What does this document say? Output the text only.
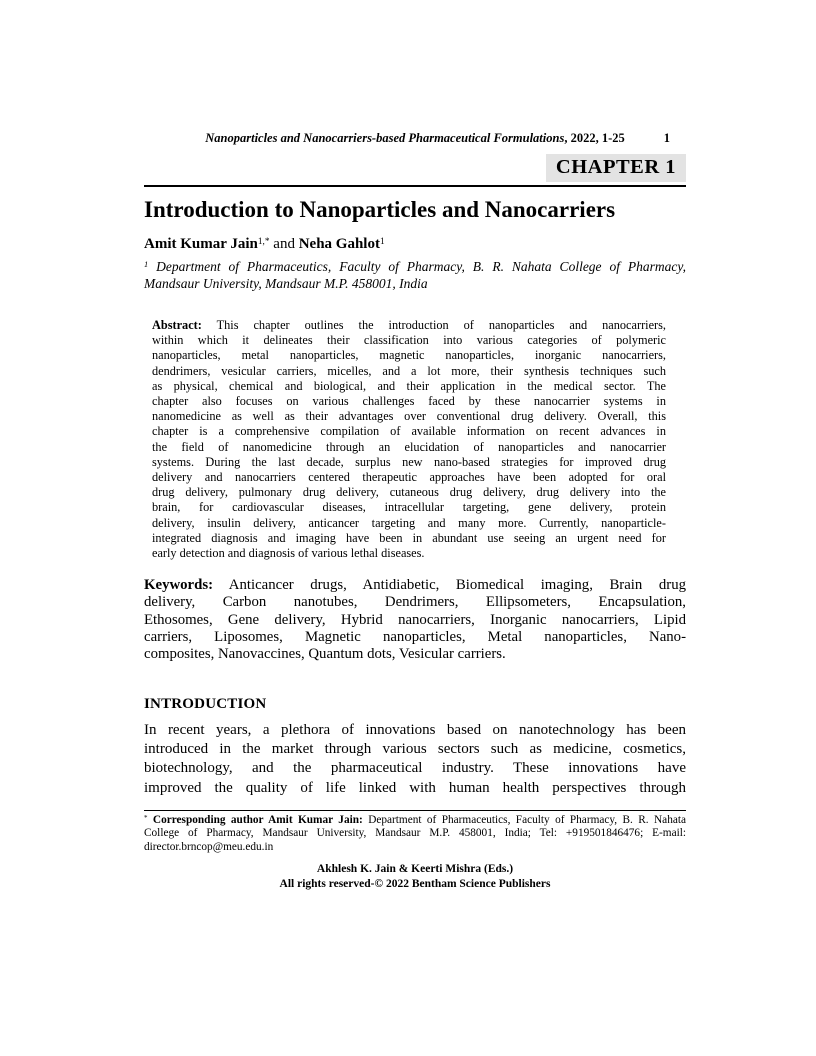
Nanoparticles and Nanocarriers-based Pharmaceutical Formulations, 2022, 1-25	1
CHAPTER 1
Introduction to Nanoparticles and Nanocarriers
Amit Kumar Jain$^{1,*}$ and Neha Gahlot$^1$
$^1$ Department of Pharmaceutics, Faculty of Pharmacy, B. R. Nahata College of Pharmacy,
Mandsaur University, Mandsaur M.P. 458001, India
Abstract: This chapter outlines the introduction of nanoparticles and nanocarriers,
within which it delineates their classification into various categories of polymeric
nanoparticles, metal nanoparticles, magnetic nanoparticles, inorganic nanocarriers,
dendrimers, vesicular carriers, micelles, and a lot more, their synthesis techniques such
as physical, chemical and biological, and their application in the medical sector. The
chapter also focuses on various challenges faced by these nanocarrier systems in
nanomedicine as well as their advantages over conventional drug delivery. Overall, this
chapter is a comprehensive compilation of available information on recent advances in
the field of nanomedicine through an elucidation of nanoparticles and nanocarrier
systems. During the last decade, surplus new nano-based strategies for improved drug
delivery and nanocarriers centered therapeutic approaches have been adopted for oral
drug delivery, pulmonary drug delivery, cutaneous drug delivery, drug delivery into the
brain, for cardiovascular diseases, intracellular targeting, gene delivery, protein
delivery, insulin delivery, anticancer targeting and many more. Currently, nanoparticle-
integrated diagnosis and imaging have been in abundant use seeing an urgent need for
early detection and diagnosis of various lethal diseases.
Keywords: Anticancer drugs, Antidiabetic, Biomedical imaging, Brain drug
delivery, Carbon nanotubes, Dendrimers, Ellipsometers, Encapsulation,
Ethosomes, Gene delivery, Hybrid nanocarriers, Inorganic nanocarriers, Lipid
carriers, Liposomes, Magnetic nanoparticles, Metal nanoparticles, Nano-
composites, Nanovaccines, Quantum dots, Vesicular carriers.
INTRODUCTION
In recent years, a plethora of innovations based on nanotechnology has been
introduced in the market through various sectors such as medicine, cosmetics,
biotechnology, and the pharmaceutical industry. These innovations have
improved the quality of life linked with human health perspectives through
* Corresponding author Amit Kumar Jain: Department of Pharmaceutics, Faculty of Pharmacy, B. R. Nahata
College of Pharmacy, Mandsaur University, Mandsaur M.P. 458001, India; Tel: +919501846476; E-mail:
director.brncop@meu.edu.in
Akhlesh K. Jain & Keerti Mishra (Eds.)
All rights reserved-© 2022 Bentham Science Publishers
